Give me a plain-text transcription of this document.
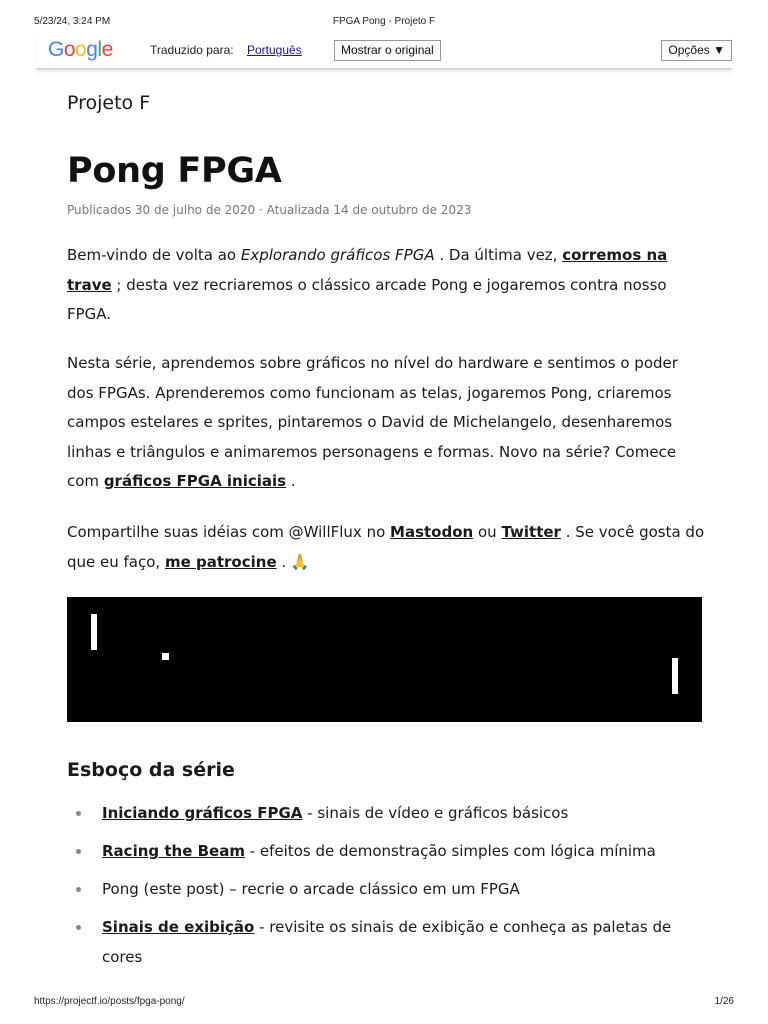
5/23/24, 3:24 PM	FPGA Pong - Projeto F
Google	Traduzido para: Português	Mostrar o original	Opções ▼
Projeto F
Pong FPGA
Publicados 30 de julho de 2020 · Atualizada 14 de outubro de 2023

Bem-vindo de volta ao Explorando gráficos FPGA . Da última vez, corremos na trave ; desta vez recriaremos o clássico arcade Pong e jogaremos contra nosso FPGA.

Nesta série, aprendemos sobre gráficos no nível do hardware e sentimos o poder dos FPGAs. Aprenderemos como funcionam as telas, jogaremos Pong, criaremos campos estelares e sprites, pintaremos o David de Michelangelo, desenharemos linhas e triângulos e animaremos personagens e formas. Novo na série? Comece com gráficos FPGA iniciais .

Compartilhe suas idéias com @WillFlux no Mastodon ou Twitter . Se você gosta do que eu faço, me patrocine . 🙏

Esboço da série
Iniciando gráficos FPGA - sinais de vídeo e gráficos básicos
Racing the Beam - efeitos de demonstração simples com lógica mínima
Pong (este post) – recrie o arcade clássico em um FPGA
Sinais de exibição - revisite os sinais de exibição e conheça as paletas de cores
https://projectf.io/posts/fpga-pong/	1/26
